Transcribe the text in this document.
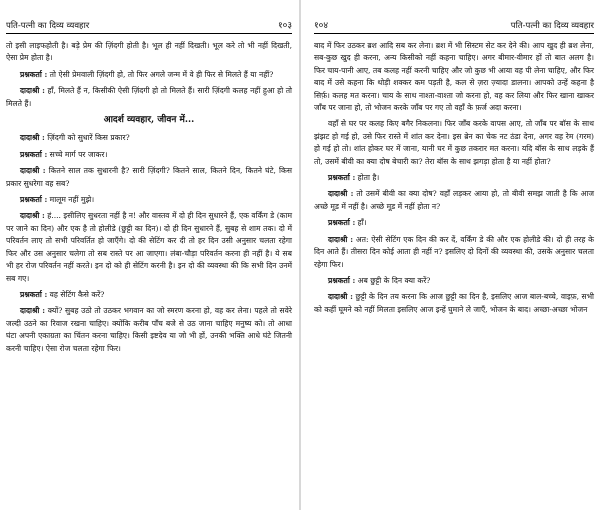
पति-पत्नी का दिव्य व्यवहार	१०३

तो इसी लाइफहोती है। बड़े प्रेम की ज़िंदगी होती है। भूल ही नहीं दिखती। भूल करे तो भी नहीं दिखती, ऐसा प्रेम होता है।

प्रश्नकर्ता : तो ऐसी प्रेमवाली ज़िंदगी हो, तो फिर अगले जन्म में वे ही फिर से मिलते हैं या नहीं?

दादाश्री : हाँ, मिलते हैं न, किसीकी ऐसी ज़िंदगी हो तो मिलते हैं। सारी ज़िंदगी कलह नहीं हुआ हो तो मिलते हैं।

आदर्श व्यवहार, जीवन में...

दादाश्री : ज़िंदगी को सुधारें किस प्रकार?

प्रश्नकर्ता : सच्चे मार्ग पर जाकर।

दादाश्री : कितने साल तक सुधारनी है? सारी ज़िंदगी? कितने साल, कितने दिन, कितने घंटे, किस प्रकार सुधरेगा वह सब?

प्रश्नकर्ता : मालूम नहीं मुझे।

दादाश्री : हं.... इसीलिए सुधरता नहीं है न! और वास्तव में दो ही दिन सुधारने हैं, एक वर्किंग डे (काम पर जाने का दिन) और एक है तो होलीडे (छुट्टी का दिन)। दो ही दिन सुधारने हैं, सुबह से शाम तक। दो में परिवर्तन लाए तो सभी परिवर्तित हो जाएँगे। दो की सेटिंग कर दी तो हर दिन उसी अनुसार चलता रहेगा फिर और उस अनुसार चलेगा तो सब रास्ते पर आ जाएगा। लंबा-चौड़ा परिवर्तन करना ही नहीं है। ये सब भी हर रोज परिवर्तन नहीं करते। इन दो को ही सेटिंग करनी है। इन दो की व्यवस्था की कि सभी दिन उनमें सब गए।

प्रश्नकर्ता : वह सेटिंग कैसे करें?

दादाश्री : क्यों? सुबह उठो तो उठकर भगवान का जो स्मरण करना हो, वह कर लेना। पहले तो सवेरे जल्दी उठने का रिवाज रखना चाहिए। क्योंकि करीब पाँच बजे से उठ जाना चाहिए मनुष्य को। तो आधा घंटा अपनी एकाग्रता का चिंतन करना चाहिए। किसी इष्टदेव या जो भी हों, उनकी भक्ति आधे घंटे जितनी करनी चाहिए। ऐसा रोज चलता रहेगा फिर।

१०४	पति-पत्नी का दिव्य व्यवहार

बाद में फिर उठकर ब्रश आदि सब कर लेना। ब्रश में भी सिस्टम सेट कर देने की। आप खुद ही ब्रश लेना, सब-कुछ खुद ही करना, अन्य किसीको नहीं कहना चाहिए। अगर बीमार-वीमार हों तो बात अलग है। फिर चाय-पानी आए, तब कलह नहीं करनी चाहिए और जो कुछ भी आया वह पी लेना चाहिए, और फिर बाद में उसे कहना कि थोड़ी शक्कर कम पड़ती है, कल से ज़रा ज़्यादा डालना। आपको उन्हें कहना है सिर्फ़। कलह मत करना। चाय के साथ नाश्ता-वाश्ता जो करना हो, वह कर लिया और फिर खाना खाकर जाँब पर जाना हो, तो भोजन करके जाँब पर गए तो वहाँ के फ़र्ज अदा करना।

वहाँ से घर पर कलह किए बगैर निकलना। फिर जाँब करके वापस आए, तो जाँब पर बॉस के साथ झंझट हो गई हो, उसे फिर रास्ते में शांत कर देना। इस ब्रेन का चेक नट ठंडा देना, अगर वह रेम (गरम) हो गई हो तो। शांत होकर घर में जाना, यानी घर में कुछ तकरार मत करना। यदि बॉस के साथ लड़के हैं तो, उसमें बीवी का क्या दोष बेचारी का? तेरा बॉस के साथ झगड़ा होता है या नहीं होता?

प्रश्नकर्ता : होता है।

दादाश्री : तो उसमें बीवी का क्या दोष? वहाँ लड़कर आया हो, तो बीवी समझ जाती है कि आज अच्छे मूड में नहीं है। अच्छे मूड में नहीं होता न?

प्रश्नकर्ता : हाँ।

दादाश्री : अत: ऐसी सेटिंग एक दिन की कर दें, वर्किंग डे की और एक होलीडे की। दो ही तरह के दिन आते हैं। तीसरा दिन कोई आता ही नहीं न? इसलिए दो दिनों की व्यवस्था की, उसके अनुसार चलता रहेगा फिर।

प्रश्नकर्ता : अब छुट्टी के दिन क्या करें?

दादाश्री : छुट्टी के दिन तय करना कि आज छुट्टी का दिन है, इसलिए आज बाल-बच्चे, वाइफ़, सभी को कहीं घूमने को नहीं मिलता इसलिए आज इन्हें घुमाने ले जाएँ, भोजन के बाद। अच्छा-अच्छा भोजन
